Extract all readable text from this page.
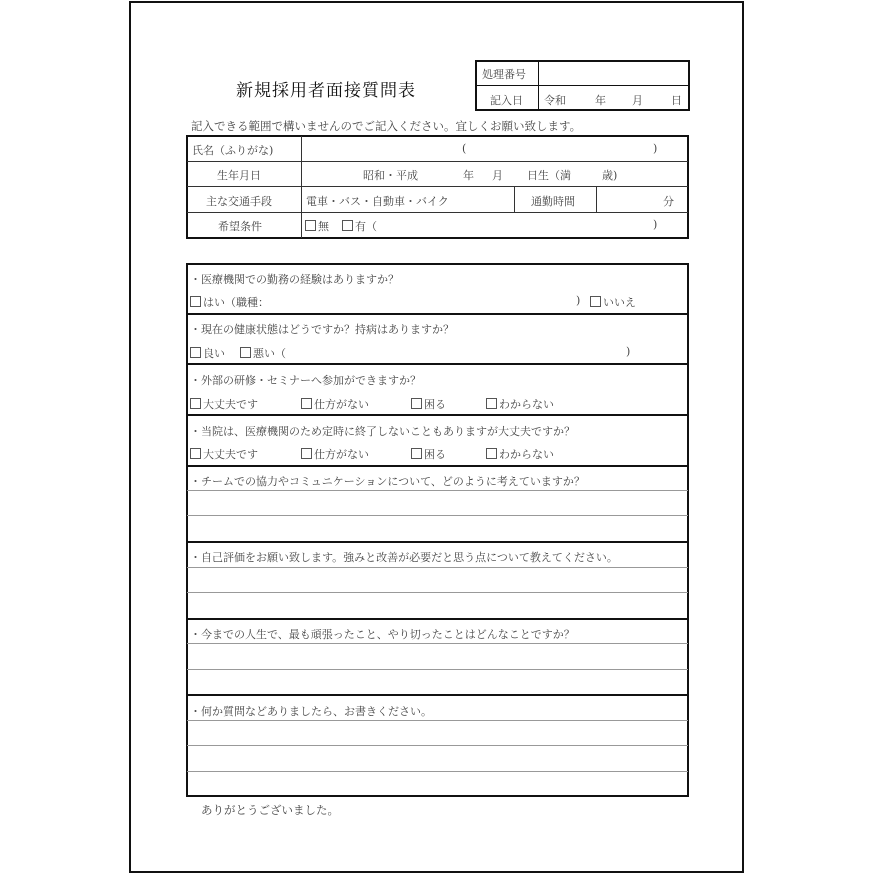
新規採用者面接質問表
処理番号
記入日 令和	年 月	日
記入できる範囲で構いませんのでご記入ください。宜しくお願い致します。
氏名（ふりがな)	(	)
生年月日	昭和・平成	年 月 日生（満	歳)
主な交通手段	電車・バス・自動車・バイク	通勤時間	分
希望条件	無	有（	)
・医療機関での勤務の経験はありますか？
はい（職種：	)	いいえ
・現在の健康状態はどうですか？持病はありますか？
良い	悪い（	)
・外部の研修・セミナーへ参加ができますか？
大丈夫です	仕方がない	困る	わからない
・当院は、医療機関のため定時に終了しないこともありますが大丈夫ですか？
大丈夫です	仕方がない	困る	わからない
・チームでの協力やコミュニケーションについて、どのように考えていますか？
・自己評価をお願い致します。強みと改善が必要だと思う点について教えてください。
・今までの人生で、最も頑張ったこと、やり切ったことはどんなことですか？
・何か質問などありましたら、お書きください。
ありがとうございました。
